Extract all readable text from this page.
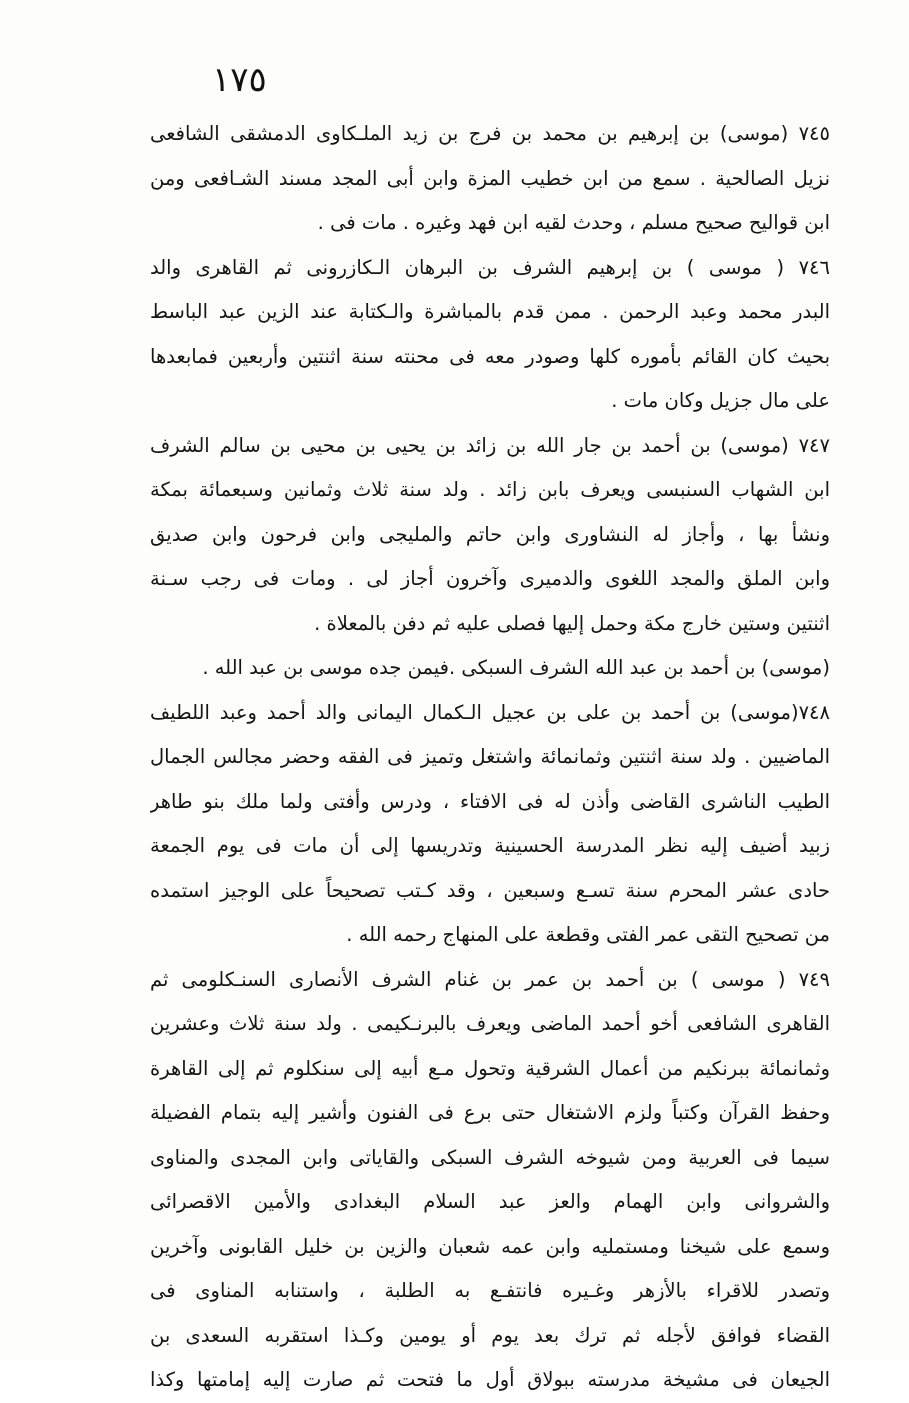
١٧٥
٧٤٥ (موسى) بن إبرهيم بن محمد بن فرج بن زيد الملـكاوى الدمشقى الشافعى
نزيل الصالحية . سمع من ابن خطيب المزة وابن أبى المجد مسند الشـافعى ومن
ابن قواليح صحيح مسلم ، وحدث لقيه ابن فهد وغيره . مات فى .
٧٤٦ ( موسى ) بن إبرهيم الشرف بن البرهان الـكازرونى ثم القاهرى والد
البدر محمد وعبد الرحمن . ممن قدم بالمباشرة والـكتابة عند الزين عبد الباسط
بحيث كان القائم بأموره كلها وصودر معه فى محنته سنة اثنتين وأربعين فمابعدها
على مال جزيل وكان مات .
٧٤٧ (موسى) بن أحمد بن جار الله بن زائد بن يحيى بن محيى بن سالم الشرف
ابن الشهاب السنبسى ويعرف بابن زائد . ولد سنة ثلاث وثمانين وسبعمائة بمكة
ونشأ بها ، وأجاز له النشاورى وابن حاتم والمليجى وابن فرحون وابن صديق
وابن الملق والمجد اللغوى والدميرى وآخرون أجاز لى . ومات فى رجب سـنة
اثنتين وستين خارج مكة وحمل إليها فصلى عليه ثم دفن بالمعلاة .
(موسى) بن أحمد بن عبد الله الشرف السبكى .فيمن جده موسى بن عبد الله .
٧٤٨(موسى) بن أحمد بن على بن عجيل الـكمال اليمانى والد أحمد وعبد اللطيف
الماضيين . ولد سنة اثنتين وثمانمائة واشتغل وتميز فى الفقه وحضر مجالس الجمال
الطيب الناشرى القاضى وأذن له فى الافتاء ، ودرس وأفتى ولما ملك بنو طاهر
زبيد أضيف إليه نظر المدرسة الحسينية وتدريسها إلى أن مات فى يوم الجمعة
حادى عشر المحرم سنة تسـع وسبعين ، وقد كـتب تصحيحاً على الوجيز استمده
من تصحيح التقى عمر الفتى وقطعة على المنهاج رحمه الله .
٧٤٩ ( موسى ) بن أحمد بن عمر بن غنام الشرف الأنصارى السنـكلومى ثم
القاهرى الشافعى أخو أحمد الماضى ويعرف بالبرنـكيمى . ولد سنة ثلاث وعشرين
وثمانمائة ببرنكيم من أعمال الشرقية وتحول مـع أبيه إلى سنكلوم ثم إلى القاهرة
وحفظ القرآن وكتباً ولزم الاشتغال حتى برع فى الفنون وأشير إليه بتمام الفضيلة
سيما فى العربية ومن شيوخه الشرف السبكى والقاياتى وابن المجدى والمناوى
والشروانى وابن الهمام والعز عبد السلام البغدادى والأمين الاقصرائى
وسمع على شيخنا ومستمليه وابن عمه شعبان والزين بن خليل القابونى وآخرين
وتصدر للاقراء بالأزهر وغـيره فانتفـع به الطلبة ، واستنابه المناوى فى
القضاء فوافق لأجله ثم ترك بعد يوم أو يومين وكـذا استقربه السعدى بن
الجيعان فى مشيخة مدرسته ببولاق أول ما فتحت ثم صارت إليه إمامتها وكذا
